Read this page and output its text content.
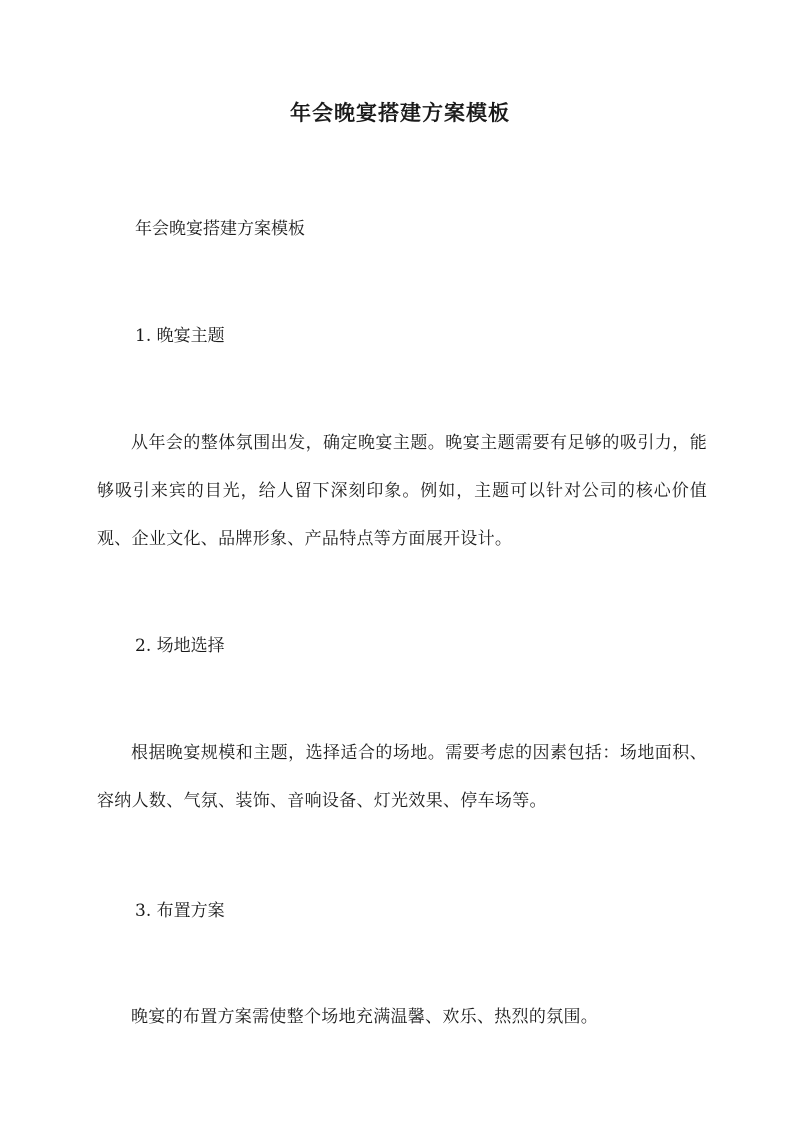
年会晚宴搭建方案模板
年会晚宴搭建方案模板
1. 晚宴主题
从年会的整体氛围出发，确定晚宴主题。晚宴主题需要有足够的吸引力，能够吸引来宾的目光，给人留下深刻印象。例如，主题可以针对公司的核心价值观、企业文化、品牌形象、产品特点等方面展开设计。
2. 场地选择
根据晚宴规模和主题，选择适合的场地。需要考虑的因素包括：场地面积、容纳人数、气氛、装饰、音响设备、灯光效果、停车场等。
3. 布置方案
晚宴的布置方案需使整个场地充满温馨、欢乐、热烈的氛围。
